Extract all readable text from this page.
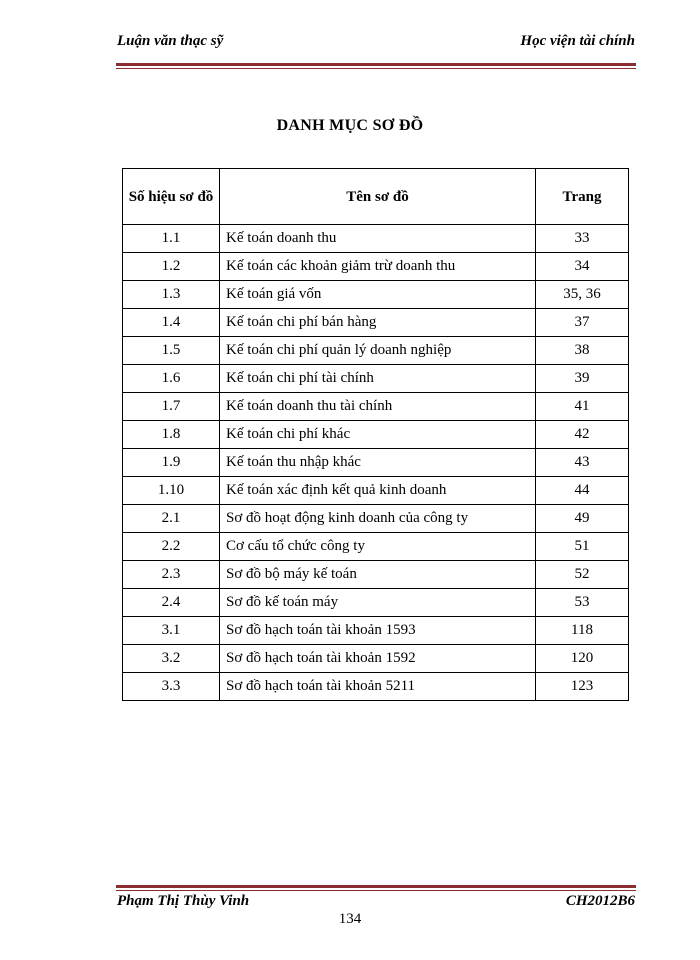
Luận văn thạc sỹ	Học viện tài chính
DANH MỤC SƠ ĐỒ
Số hiệu sơ đồ	Tên sơ đồ	Trang
1.1	Kế toán doanh thu	33
1.2	Kế toán các khoản giảm trừ doanh thu	34
1.3	Kế toán giá vốn	35, 36
1.4	Kế toán chi phí bán hàng	37
1.5	Kế toán chi phí quản lý doanh nghiệp	38
1.6	Kế toán chi phí tài chính	39
1.7	Kế toán doanh thu tài chính	41
1.8	Kế toán chi phí khác	42
1.9	Kế toán thu nhập khác	43
1.10	Kế toán xác định kết quả kinh doanh	44
2.1	Sơ đồ hoạt động kinh doanh của công ty	49
2.2	Cơ cấu tổ chức công ty	51
2.3	Sơ đồ bộ máy kế toán	52
2.4	Sơ đồ kế toán máy	53
3.1	Sơ đồ hạch toán tài khoản 1593	118
3.2	Sơ đồ hạch toán tài khoản 1592	120
3.3	Sơ đồ hạch toán tài khoản 5211	123
Phạm Thị Thùy Vinh	CH2012B6
134
